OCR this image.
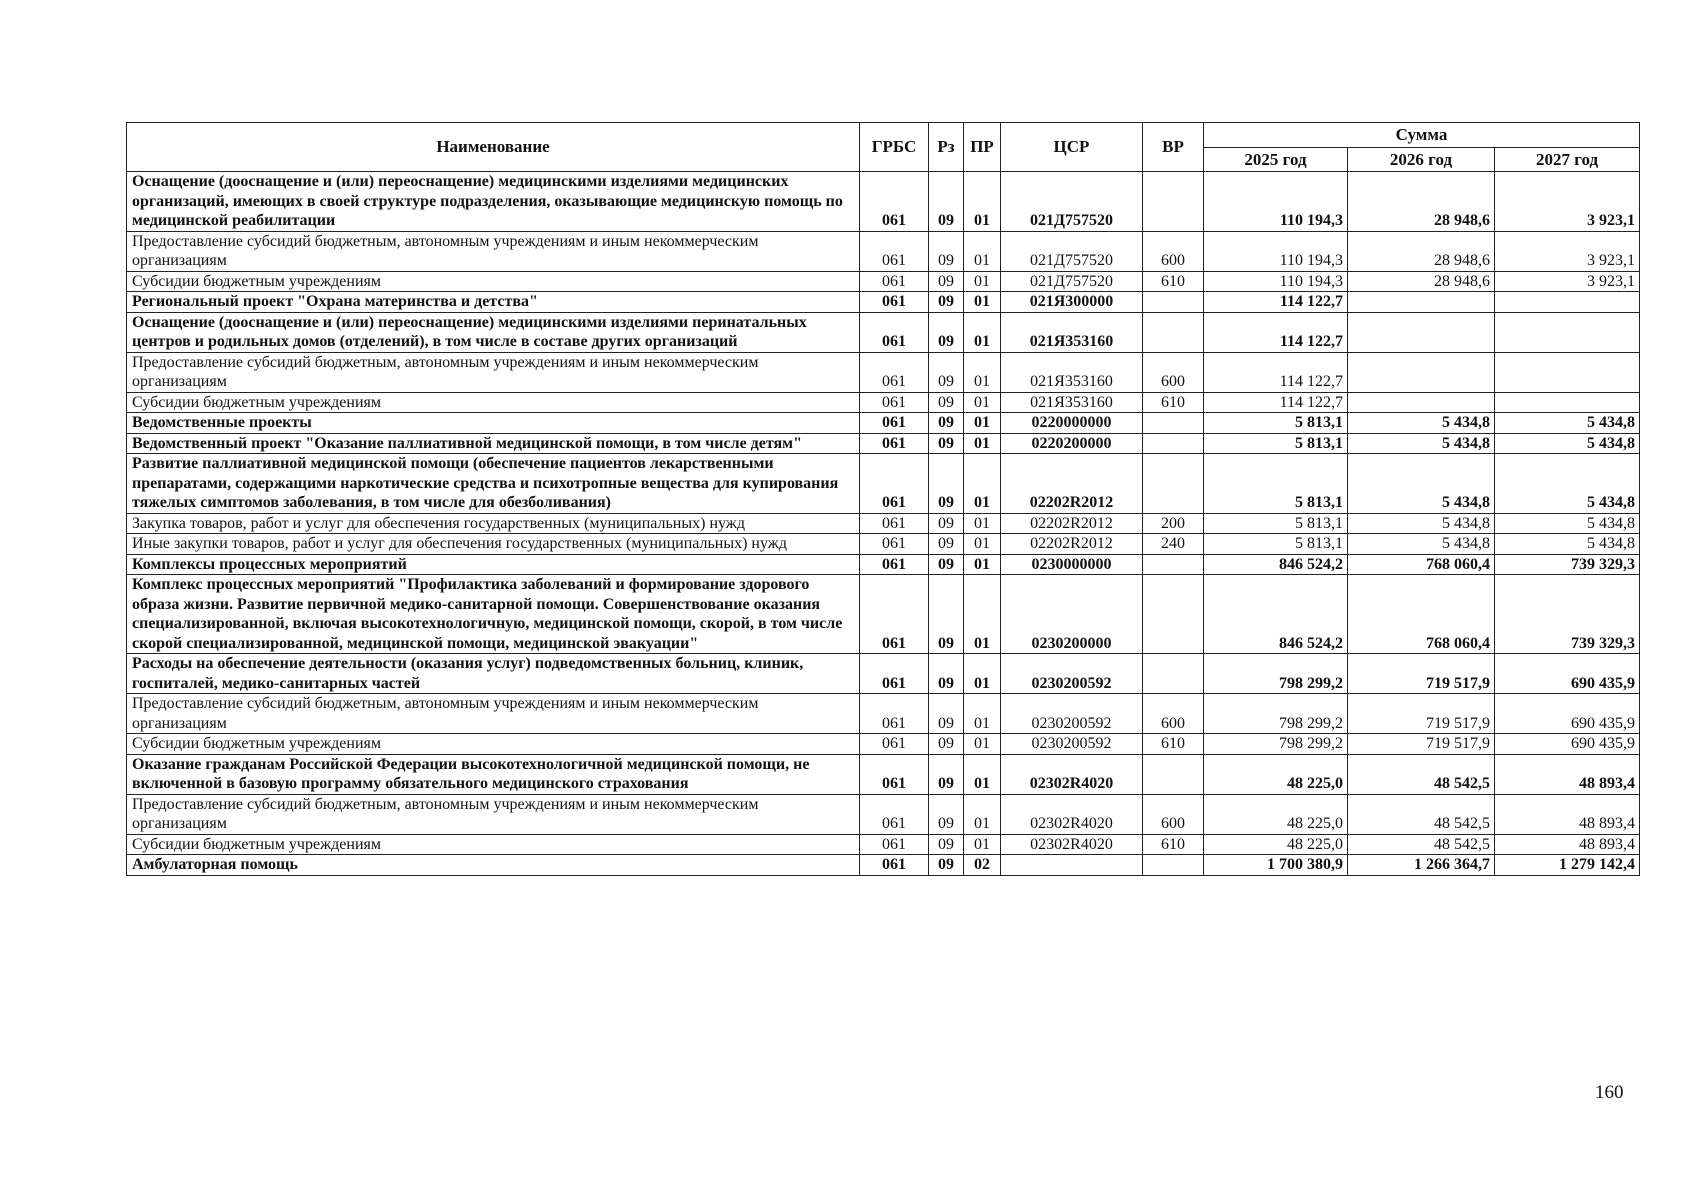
Наименование	ГРБС	Рз	ПР	ЦСР	ВР	Сумма		
						2025 год	2026 год	2027 год
Оснащение (дооснащение и (или) переоснащение) медицинскими изделиями медицинских организаций, имеющих в своей структуре подразделения, оказывающие медицинскую помощь по медицинской реабилитации	061	09	01	021Д757520		110 194,3	28 948,6	3 923,1
Предоставление субсидий бюджетным, автономным учреждениям и иным некоммерческим организациям	061	09	01	021Д757520	600	110 194,3	28 948,6	3 923,1
Субсидии бюджетным учреждениям	061	09	01	021Д757520	610	110 194,3	28 948,6	3 923,1
Региональный проект "Охрана материнства и детства"	061	09	01	021Я300000		114 122,7		
Оснащение (дооснащение и (или) переоснащение) медицинскими изделиями перинатальных центров и родильных домов (отделений), в том числе в составе других организаций	061	09	01	021Я353160		114 122,7		
Предоставление субсидий бюджетным, автономным учреждениям и иным некоммерческим организациям	061	09	01	021Я353160	600	114 122,7		
Субсидии бюджетным учреждениям	061	09	01	021Я353160	610	114 122,7		
Ведомственные проекты	061	09	01	0220000000		5 813,1	5 434,8	5 434,8
Ведомственный проект "Оказание паллиативной медицинской помощи, в том числе детям"	061	09	01	0220200000		5 813,1	5 434,8	5 434,8
Развитие паллиативной медицинской помощи (обеспечение пациентов лекарственными препаратами, содержащими наркотические средства и психотропные вещества для купирования тяжелых симптомов заболевания, в том числе для обезболивания)	061	09	01	02202R2012		5 813,1	5 434,8	5 434,8
Закупка товаров, работ и услуг для обеспечения государственных (муниципальных) нужд	061	09	01	02202R2012	200	5 813,1	5 434,8	5 434,8
Иные закупки товаров, работ и услуг для обеспечения государственных (муниципальных) нужд	061	09	01	02202R2012	240	5 813,1	5 434,8	5 434,8
Комплексы процессных мероприятий	061	09	01	0230000000		846 524,2	768 060,4	739 329,3
Комплекс процессных мероприятий "Профилактика заболеваний и формирование здорового образа жизни. Развитие первичной медико-санитарной помощи. Совершенствование оказания специализированной, включая высокотехнологичную, медицинской помощи, скорой, в том числе скорой специализированной, медицинской помощи, медицинской эвакуации"	061	09	01	0230200000		846 524,2	768 060,4	739 329,3
Расходы на обеспечение деятельности (оказания услуг) подведомственных больниц, клиник, госпиталей, медико-санитарных частей	061	09	01	0230200592		798 299,2	719 517,9	690 435,9
Предоставление субсидий бюджетным, автономным учреждениям и иным некоммерческим организациям	061	09	01	0230200592	600	798 299,2	719 517,9	690 435,9
Субсидии бюджетным учреждениям	061	09	01	0230200592	610	798 299,2	719 517,9	690 435,9
Оказание гражданам Российской Федерации высокотехнологичной медицинской помощи, не включенной в базовую программу обязательного медицинского страхования	061	09	01	02302R4020		48 225,0	48 542,5	48 893,4
Предоставление субсидий бюджетным, автономным учреждениям и иным некоммерческим организациям	061	09	01	02302R4020	600	48 225,0	48 542,5	48 893,4
Субсидии бюджетным учреждениям	061	09	01	02302R4020	610	48 225,0	48 542,5	48 893,4
Амбулаторная помощь	061	09	02			1 700 380,9	1 266 364,7	1 279 142,4
160
